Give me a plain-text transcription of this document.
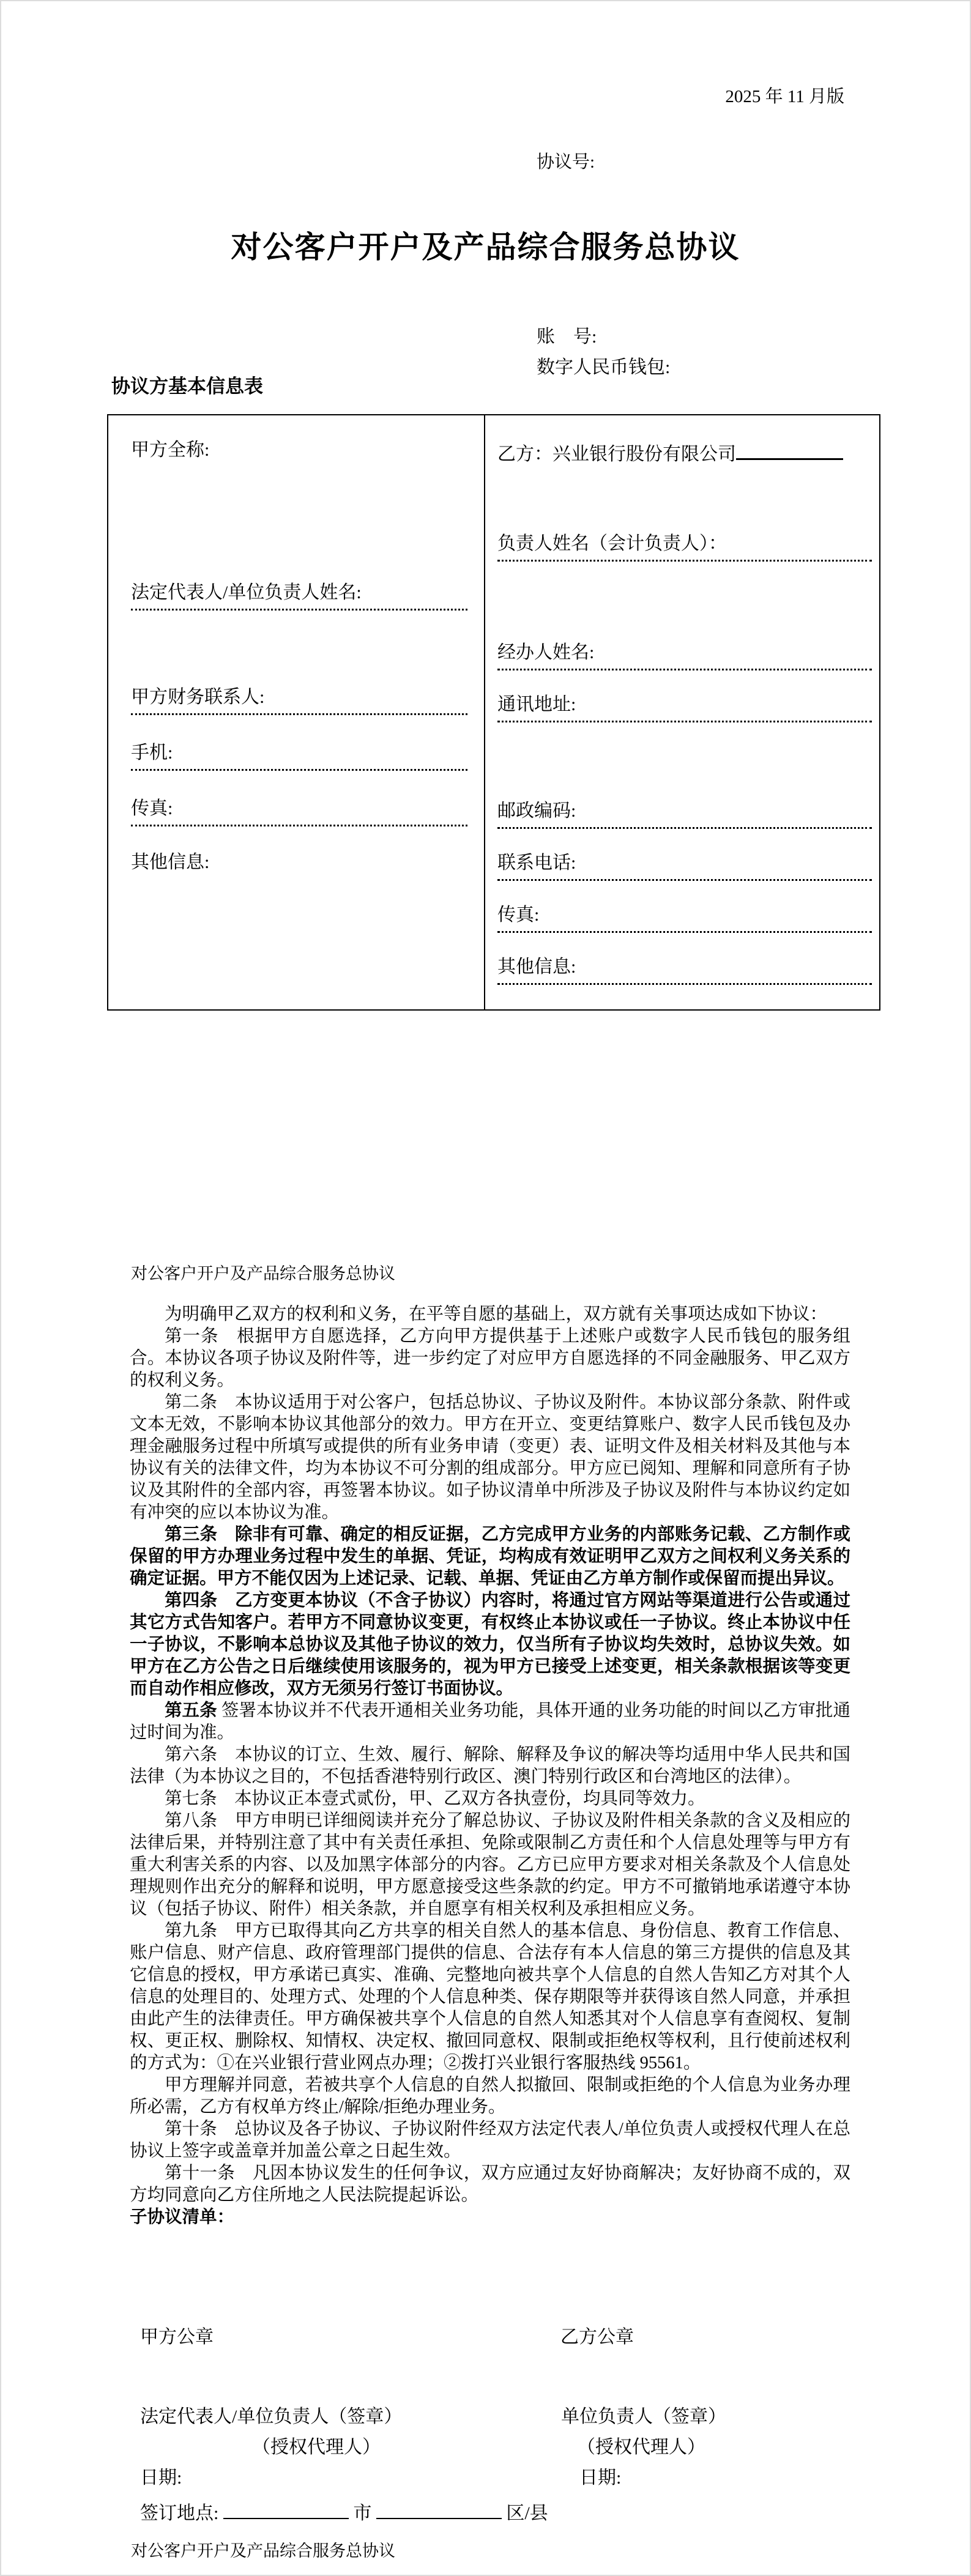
2025 年 11 月版
协议号:
对公客户开户及产品综合服务总协议
账　号:
数字人民币钱包:
协议方基本信息表
甲方全称:
法定代表人/单位负责人姓名:
甲方财务联系人:
手机:
传真:
其他信息:
乙方：兴业银行股份有限公司
负责人姓名（会计负责人）：
经办人姓名:
通讯地址:
邮政编码:
联系电话:
传真:
其他信息:
对公客户开户及产品综合服务总协议

为明确甲乙双方的权利和义务，在平等自愿的基础上，双方就有关事项达成如下协议：

第一条　根据甲方自愿选择，乙方向甲方提供基于上述账户或数字人民币钱包的服务组合。本协议各项子协议及附件等，进一步约定了对应甲方自愿选择的不同金融服务、甲乙双方的权利义务。

第二条　本协议适用于对公客户，包括总协议、子协议及附件。本协议部分条款、附件或文本无效，不影响本协议其他部分的效力。甲方在开立、变更结算账户、数字人民币钱包及办理金融服务过程中所填写或提供的所有业务申请（变更）表、证明文件及相关材料及其他与本协议有关的法律文件，均为本协议不可分割的组成部分。甲方应已阅知、理解和同意所有子协议及其附件的全部内容，再签署本协议。如子协议清单中所涉及子协议及附件与本协议约定如有冲突的应以本协议为准。

第三条　除非有可靠、确定的相反证据，乙方完成甲方业务的内部账务记载、乙方制作或保留的甲方办理业务过程中发生的单据、凭证，均构成有效证明甲乙双方之间权利义务关系的确定证据。甲方不能仅因为上述记录、记载、单据、凭证由乙方单方制作或保留而提出异议。

第四条　乙方变更本协议（不含子协议）内容时，将通过官方网站等渠道进行公告或通过其它方式告知客户。若甲方不同意协议变更，有权终止本协议或任一子协议。终止本协议中任一子协议，不影响本总协议及其他子协议的效力，仅当所有子协议均失效时，总协议失效。如甲方在乙方公告之日后继续使用该服务的，视为甲方已接受上述变更，相关条款根据该等变更而自动作相应修改，双方无须另行签订书面协议。

第五条 签署本协议并不代表开通相关业务功能，具体开通的业务功能的时间以乙方审批通过时间为准。

第六条　本协议的订立、生效、履行、解除、解释及争议的解决等均适用中华人民共和国法律（为本协议之目的，不包括香港特别行政区、澳门特别行政区和台湾地区的法律）。

第七条　本协议正本壹式贰份，甲、乙双方各执壹份，均具同等效力。

第八条　甲方申明已详细阅读并充分了解总协议、子协议及附件相关条款的含义及相应的法律后果，并特别注意了其中有关责任承担、免除或限制乙方责任和个人信息处理等与甲方有重大利害关系的内容、以及加黑字体部分的内容。乙方已应甲方要求对相关条款及个人信息处理规则作出充分的解释和说明，甲方愿意接受这些条款的约定。甲方不可撤销地承诺遵守本协议（包括子协议、附件）相关条款，并自愿享有相关权利及承担相应义务。

第九条　甲方已取得其向乙方共享的相关自然人的基本信息、身份信息、教育工作信息、账户信息、财产信息、政府管理部门提供的信息、合法存有本人信息的第三方提供的信息及其它信息的授权，甲方承诺已真实、准确、完整地向被共享个人信息的自然人告知乙方对其个人信息的处理目的、处理方式、处理的个人信息种类、保存期限等并获得该自然人同意，并承担由此产生的法律责任。甲方确保被共享个人信息的自然人知悉其对个人信息享有查阅权、复制权、更正权、删除权、知情权、决定权、撤回同意权、限制或拒绝权等权利，且行使前述权利的方式为：①在兴业银行营业网点办理；②拨打兴业银行客服热线 95561。

甲方理解并同意，若被共享个人信息的自然人拟撤回、限制或拒绝的个人信息为业务办理所必需，乙方有权单方终止/解除/拒绝办理业务。

第十条　总协议及各子协议、子协议附件经双方法定代表人/单位负责人或授权代理人在总协议上签字或盖章并加盖公章之日起生效。

第十一条　凡因本协议发生的任何争议，双方应通过友好协商解决；友好协商不成的，双方均同意向乙方住所地之人民法院提起诉讼。

子协议清单：

甲方公章	乙方公章
法定代表人/单位负责人（签章）	单位负责人（签章）
（授权代理人）	（授权代理人）
日期:	日期:
签订地点:	市	区/县
对公客户开户及产品综合服务总协议
